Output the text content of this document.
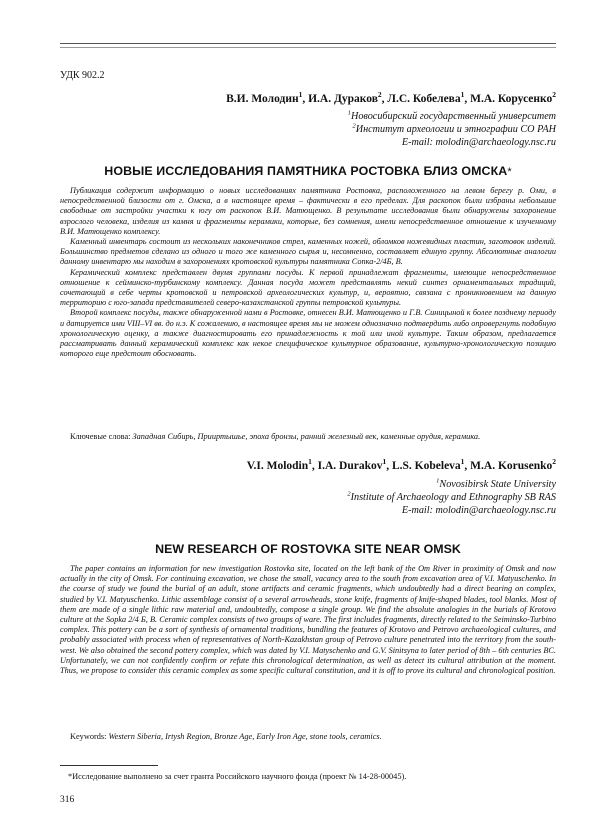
УДК 902.2
В.И. Молодин$^1$, И.А. Дураков$^2$, Л.С. Кобелева$^1$, М.А. Корусенко$^2$
$^1$Новосибирский государственный университет
$^2$Институт археологии и этнографии СО РАН
E-mail: molodin@archaeology.nsc.ru
НОВЫЕ ИССЛЕДОВАНИЯ ПАМЯТНИКА РОСТОВКА БЛИЗ ОМСКА*

Публикация содержит информацию о новых исследованиях памятника Ростовка, расположенного на левом берегу р. Оми, в непосредственной близости от г. Омска, а в настоящее время – фактически в его пределах. Для раскопок были избраны небольшие свободные от застройки участки к югу от раскопок В.И. Матющенко. В результате исследования были обнаружены захоронение взрослого человека, изделия из камня и фрагменты керамики, которые, без сомнения, имели непосредственное отношение к изученному В.И. Матющенко комплексу.

Каменный инвентарь состоит из нескольких наконечников стрел, каменных ножей, обломков ножевидных пластин, заготовок изделий. Большинство предметов сделано из одного и того же каменного сырья и, несомненно, составляет единую группу. Абсолютные аналогии данному инвентарю мы находим в захоронениях кротовской культуры памятника Сопка-2/4Б, В.

Керамический комплекс представлен двумя группами посуды. К первой принадлежат фрагменты, имеющие непосредственное отношение к сейминско-турбинскому комплексу. Данная посуда может представлять некий синтез орнаментальных традиций, сочетающий в себе черты кротовской и петровской археологических культур, и, вероятно, связана с проникновением на данную территорию с юго-запада представителей северо-казахстанской группы петровской культуры.

Второй комплекс посуды, также обнаруженной нами в Ростовке, отнесен В.И. Матющенко и Г.В. Синицыной к более позднему периоду и датируется ими VIII–VI вв. до н.э. К сожалению, в настоящее время мы не можем однозначно подтвердить либо опровергнуть подобную хронологическую оценку, а также диагностировать его принадлежность к той или иной культуре. Таким образом, предлагается рассматривать данный керамический комплекс как некое специфическое культурное образование, культурно-хронологическую позицию которого еще предстоит обосновать.

Ключевые слова: Западная Сибирь, Прииртышье, эпоха бронзы, ранний железный век, каменные орудия, керамика.
V.I. Molodin$^1$, I.A. Durakov$^1$, L.S. Kobeleva$^1$, M.A. Korusenko$^2$
$^1$Novosibirsk State University
$^2$Institute of Archaeology and Ethnography SB RAS
E-mail: molodin@archaeology.nsc.ru
NEW RESEARCH OF ROSTOVKA SITE NEAR OMSK
The paper contains an information for new investigation Rostovka site, located on the left bank of the Om River in proximity of Omsk and now actually in the city of Omsk. For continuing excavation, we chose the small, vacancy area to the south from excavation area of V.I. Matyuschenko. In the course of study we found the burial of an adult, stone artifacts and ceramic fragments, which undoubtedly had a direct bearing on complex, studied by V.I. Matyuschenko. Lithic assemblage consist of a several arrowheads, stone knife, fragments of knife-shaped blades, tool blanks. Most of them are made of a single lithic raw material and, undoubtedly, compose a single group. We find the absolute analogies in the burials of Krotovo culture at the Sopka 2/4 Б, В. Ceramic complex consists of two groups of ware. The first includes fragments, directly related to the Seiminsko-Turbino complex. This pottery can be a sort of synthesis of ornamental traditions, bundling the features of Krotovo and Petrovo archaeological cultures, and probably associated with process when of representatives of North-Kazakhstan group of Petrovo culture penetrated into the territory from the south-west. We also obtained the second pottery complex, which was dated by V.I. Matyschenko and G.V. Sinitsyna to later period of 8th – 6th centuries BC. Unfortunately, we can not confidently confirm or refute this chronological determination, as well as detect its cultural attribution at the moment. Thus, we propose to consider this ceramic complex as some specific cultural constitution, and it is off to prove its cultural and chronological position.
Keywords: Western Siberia, Irtysh Region, Bronze Age, Early Iron Age, stone tools, ceramics.
*Исследование выполнено за счет гранта Российского научного фонда (проект № 14-28-00045).
316
